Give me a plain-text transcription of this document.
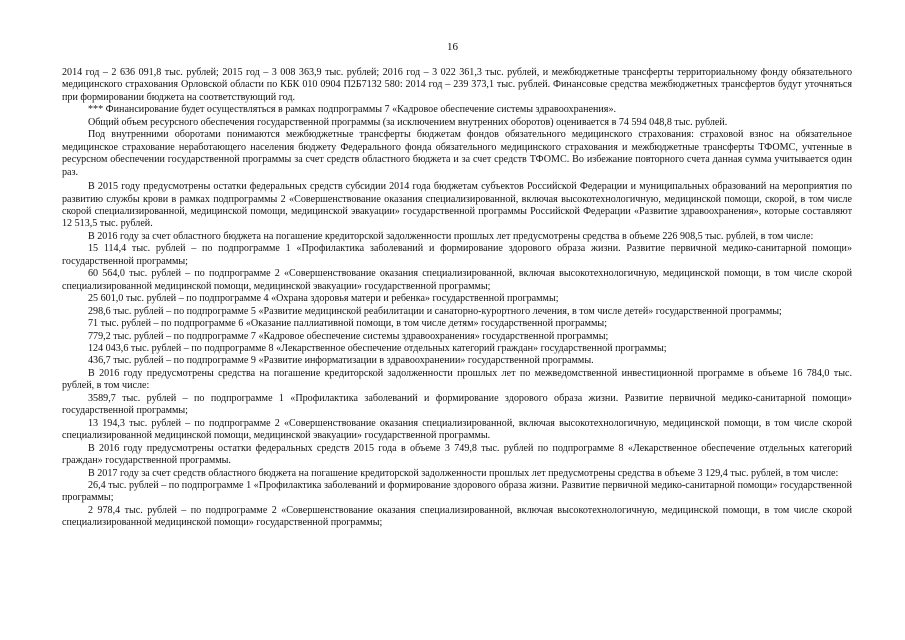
16

2014 год – 2 636 091,8 тыс. рублей; 2015 год – 3 008 363,9 тыс. рублей; 2016 год – 3 022 361,3 тыс. рублей, и межбюджетные трансферты территориальному фонду обязательного медицинского страхования Орловской области по КБК 010 0904 П2Б7132 580: 2014 год – 239 373,1 тыс. рублей. Финансовые средства межбюджетных трансфертов будут уточняться при формировании бюджета на соответствующий год.

*** Финансирование будет осуществляться в рамках подпрограммы 7 «Кадровое обеспечение системы здравоохранения».

Общий объем ресурсного обеспечения государственной программы (за исключением внутренних оборотов) оценивается в 74 594 048,8 тыс. рублей.

Под внутренними оборотами понимаются межбюджетные трансферты бюджетам фондов обязательного медицинского страхования: страховой взнос на обязательное медицинское страхование неработающего населения бюджету Федерального фонда обязательного медицинского страхования и межбюджетные трансферты ТФОМС, учтенные в ресурсном обеспечении государственной программы за счет средств областного бюджета и за счет средств ТФОМС. Во избежание повторного счета данная сумма учитывается один раз.

В 2015 году предусмотрены остатки федеральных средств субсидии 2014 года бюджетам субъектов Российской Федерации и муниципальных образований на мероприятия по развитию службы крови в рамках подпрограммы 2 «Совершенствование оказания специализированной, включая высокотехнологичную, медицинской помощи, скорой, в том числе скорой специализированной, медицинской помощи, медицинской эвакуации» государственной программы Российской Федерации «Развитие здравоохранения», которые составляют 12 513,5 тыс. рублей.

В 2016 году за счет областного бюджета на погашение кредиторской задолженности прошлых лет предусмотрены средства в объеме 226 908,5 тыс. рублей, в том числе:

15 114,4 тыс. рублей – по подпрограмме 1 «Профилактика заболеваний и формирование здорового образа жизни. Развитие первичной медико-санитарной помощи» государственной программы;

60 564,0 тыс. рублей – по подпрограмме 2 «Совершенствование оказания специализированной, включая высокотехнологичную, медицинской помощи, в том числе скорой специализированной медицинской помощи, медицинской эвакуации» государственной программы;

25 601,0 тыс. рублей – по подпрограмме 4 «Охрана здоровья матери и ребенка» государственной программы;

298,6 тыс. рублей – по подпрограмме 5 «Развитие медицинской реабилитации и санаторно-курортного лечения, в том числе детей» государственной программы;

71 тыс. рублей – по подпрограмме 6 «Оказание паллиативной помощи, в том числе детям» государственной программы;

779,2 тыс. рублей – по подпрограмме 7 «Кадровое обеспечение системы здравоохранения» государственной программы;

124 043,6 тыс. рублей – по подпрограмме 8 «Лекарственное обеспечение отдельных категорий граждан» государственной программы;

436,7 тыс. рублей – по подпрограмме 9 «Развитие информатизации в здравоохранении» государственной программы.

В 2016 году предусмотрены средства на погашение кредиторской задолженности прошлых лет по межведомственной инвестиционной программе в объеме 16 784,0 тыс. рублей, в том числе:

3589,7 тыс. рублей – по подпрограмме 1 «Профилактика заболеваний и формирование здорового образа жизни. Развитие первичной медико-санитарной помощи» государственной программы;

13 194,3 тыс. рублей – по подпрограмме 2 «Совершенствование оказания специализированной, включая высокотехнологичную, медицинской помощи, в том числе скорой специализированной медицинской помощи, медицинской эвакуации» государственной программы.

В 2016 году предусмотрены остатки федеральных средств 2015 года в объеме 3 749,8 тыс. рублей по подпрограмме 8 «Лекарственное обеспечение отдельных категорий граждан» государственной программы.

В 2017 году за счет средств областного бюджета на погашение кредиторской задолженности прошлых лет предусмотрены средства в объеме 3 129,4 тыс. рублей, в том числе:

26,4 тыс. рублей – по подпрограмме 1 «Профилактика заболеваний и формирование здорового образа жизни. Развитие первичной медико-санитарной помощи» государственной программы;

2 978,4 тыс. рублей – по подпрограмме 2 «Совершенствование оказания специализированной, включая высокотехнологичную, медицинской помощи, в том числе скорой специализированной медицинской помощи» государственной программы;
